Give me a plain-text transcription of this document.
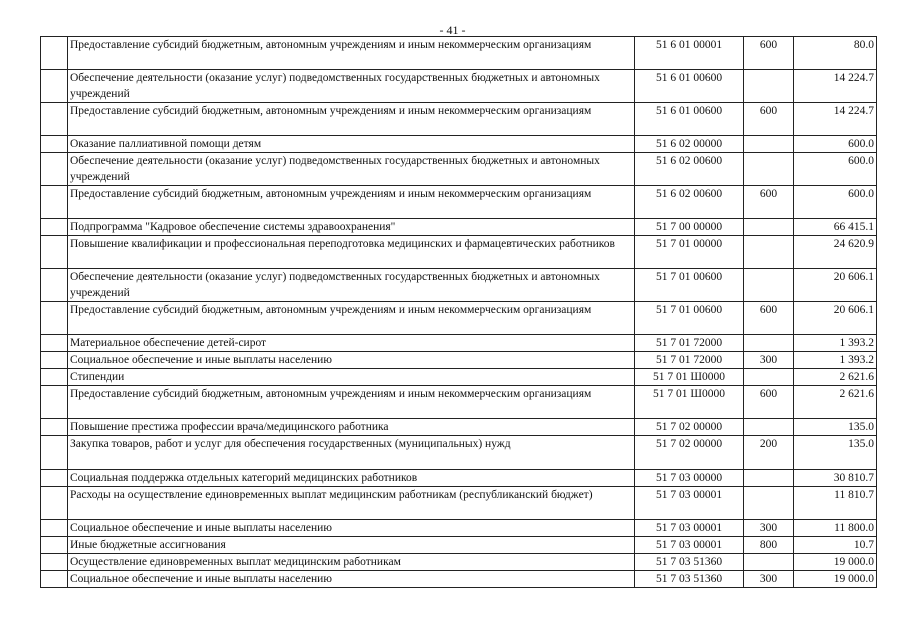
- 41 -
	Предоставление субсидий бюджетным, автономным учреждениям и иным некоммерческим организациям	51 6 01 00001	600	80.0
	Обеспечение деятельности (оказание услуг) подведомственных государственных бюджетных и автономных учреждений	51 6 01 00600		14 224.7
	Предоставление субсидий бюджетным, автономным учреждениям и иным некоммерческим организациям	51 6 01 00600	600	14 224.7
	Оказание паллиативной помощи детям	51 6 02 00000		600.0
	Обеспечение деятельности (оказание услуг) подведомственных государственных бюджетных и автономных учреждений	51 6 02 00600		600.0
	Предоставление субсидий бюджетным, автономным учреждениям и иным некоммерческим организациям	51 6 02 00600	600	600.0
	Подпрограмма "Кадровое обеспечение системы здравоохранения"	51 7 00 00000		66 415.1
	Повышение квалификации и профессиональная переподготовка медицинских и фармацевтических работников	51 7 01 00000		24 620.9
	Обеспечение деятельности (оказание услуг) подведомственных государственных бюджетных и автономных учреждений	51 7 01 00600		20 606.1
	Предоставление субсидий бюджетным, автономным учреждениям и иным некоммерческим организациям	51 7 01 00600	600	20 606.1
	Материальное обеспечение детей-сирот	51 7 01 72000		1 393.2
	Социальное обеспечение и иные выплаты населению	51 7 01 72000	300	1 393.2
	Стипендии	51 7 01 Ш0000		2 621.6
	Предоставление субсидий бюджетным, автономным учреждениям и иным некоммерческим организациям	51 7 01 Ш0000	600	2 621.6
	Повышение престижа профессии врача/медицинского работника	51 7 02 00000		135.0
	Закупка товаров, работ и услуг для обеспечения государственных (муниципальных) нужд	51 7 02 00000	200	135.0
	Социальная поддержка отдельных категорий медицинских работников	51 7 03 00000		30 810.7
	Расходы на осуществление единовременных выплат медицинским работникам (республиканский бюджет)	51 7 03 00001		11 810.7
	Социальное обеспечение и иные выплаты населению	51 7 03 00001	300	11 800.0
	Иные бюджетные ассигнования	51 7 03 00001	800	10.7
	Осуществление единовременных выплат медицинским работникам	51 7 03 51360		19 000.0
	Социальное обеспечение и иные выплаты населению	51 7 03 51360	300	19 000.0
